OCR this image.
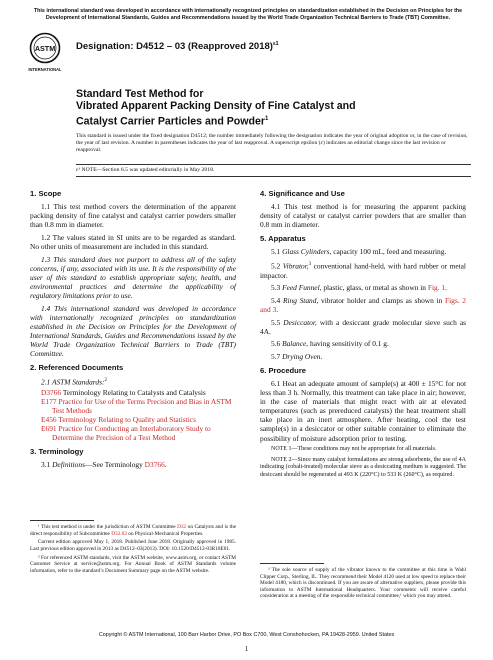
This international standard was developed in accordance with internationally recognized principles on standardization established in the Decision on Principles for the Development of International Standards, Guides and Recommendations issued by the World Trade Organization Technical Barriers to Trade (TBT) Committee.
ASTM
INTERNATIONAL
Designation: D4512 – 03 (Reapproved 2018)$^{\varepsilon 1}$
Standard Test Method for
Vibrated Apparent Packing Density of Fine Catalyst and
Catalyst Carrier Particles and Powder$^1$
This standard is issued under the fixed designation D4512; the number immediately following the designation indicates the year of original adoption or, in the case of revision, the year of last revision. A number in parentheses indicates the year of last reapproval. A superscript epsilon (ε) indicates an editorial change since the last revision or reapproval.
ε¹ NOTE—Section 6.5 was updated editorially in May 2018.
1. Scope

1.1 This test method covers the determination of the apparent packing density of fine catalyst and catalyst carrier powders smaller than 0.8 mm in diameter.

1.2 The values stated in SI units are to be regarded as standard. No other units of measurement are included in this standard.

1.3 This standard does not purport to address all of the safety concerns, if any, associated with its use. It is the responsibility of the user of this standard to establish appropriate safety, health, and environmental practices and determine the applicability of regulatory limitations prior to use.

1.4 This international standard was developed in accordance with internationally recognized principles on standardization established in the Decision on Principles for the Development of International Standards, Guides and Recommendations issued by the World Trade Organization Technical Barriers to Trade (TBT) Committee.

2. Referenced Documents

2.1 ASTM Standards:$^2$

D3766 Terminology Relating to Catalysts and Catalysis
E177 Practice for Use of the Terms Precision and Bias in ASTM Test Methods
E456 Terminology Relating to Quality and Statistics
E691 Practice for Conducting an Interlaboratory Study to Determine the Precision of a Test Method
3. Terminology

3.1 Definitions—See Terminology D3766.

4. Significance and Use

4.1 This test method is for measuring the apparent packing density of catalyst or catalyst carrier powders that are smaller than 0.8 mm in diameter.

5. Apparatus

5.1 Glass Cylinders, capacity 100 mL, feed and measuring.

5.2 Vibrator,$^3$ conventional hand-held, with hard rubber or metal impactor.

5.3 Feed Funnel, plastic, glass, or metal as shown in Fig. 1.

5.4 Ring Stand, vibrator holder and clamps as shown in Figs. 2 and 3.

5.5 Desiccator, with a desiccant grade molecular sieve such as 4A.

5.6 Balance, having sensitivity of 0.1 g.

5.7 Drying Oven.

6. Procedure

6.1 Heat an adequate amount of sample(s) at 400 ± 15°C for not less than 3 h. Normally, this treatment can take place in air; however, in the case of materials that might react with air at elevated temperatures (such as prereduced catalysts) the heat treatment shall take place in an inert atmosphere. After heating, cool the test sample(s) in a desiccator or other suitable container to eliminate the possibility of moisture adsorption prior to testing.

NOTE 1—These conditions may not be appropriate for all materials.

NOTE 2—Since many catalyst formulations are strong adsorbents, the use of 4A indicating (cobalt-treated) molecular sieve as a desiccating medium is suggested. The desiccant should be regenerated at 493 K (220°C) to 533 K (260°C), as required.

¹ This test method is under the jurisdiction of ASTM Committee D32 on Catalysts and is the direct responsibility of Subcommittee D32.02 on Physical-Mechanical Properties.

Current edition approved May 1, 2018. Published June 2018. Originally approved in 1985. Last previous edition approved in 2013 as D4512–03(2013). DOI: 10.1520/D4512-03R18E01.

² For referenced ASTM standards, visit the ASTM website, www.astm.org, or contact ASTM Customer Service at service@astm.org. For Annual Book of ASTM Standards volume information, refer to the standard’s Document Summary page on the ASTM website.	³ The sole source of supply of the vibrator known to the committee at this time is Wahl Clipper Corp., Sterling, IL. They recommend their Model 4120 used at low speed to replace their Model 4180, which is discontinued. If you are aware of alternative suppliers, please provide this information to ASTM International Headquarters. Your comments will receive careful consideration at a meeting of the responsible technical committee,¹ which you may attend.

Copyright © ASTM International, 100 Barr Harbor Drive, PO Box C700, West Conshohocken, PA 19428-2959. United States
1
